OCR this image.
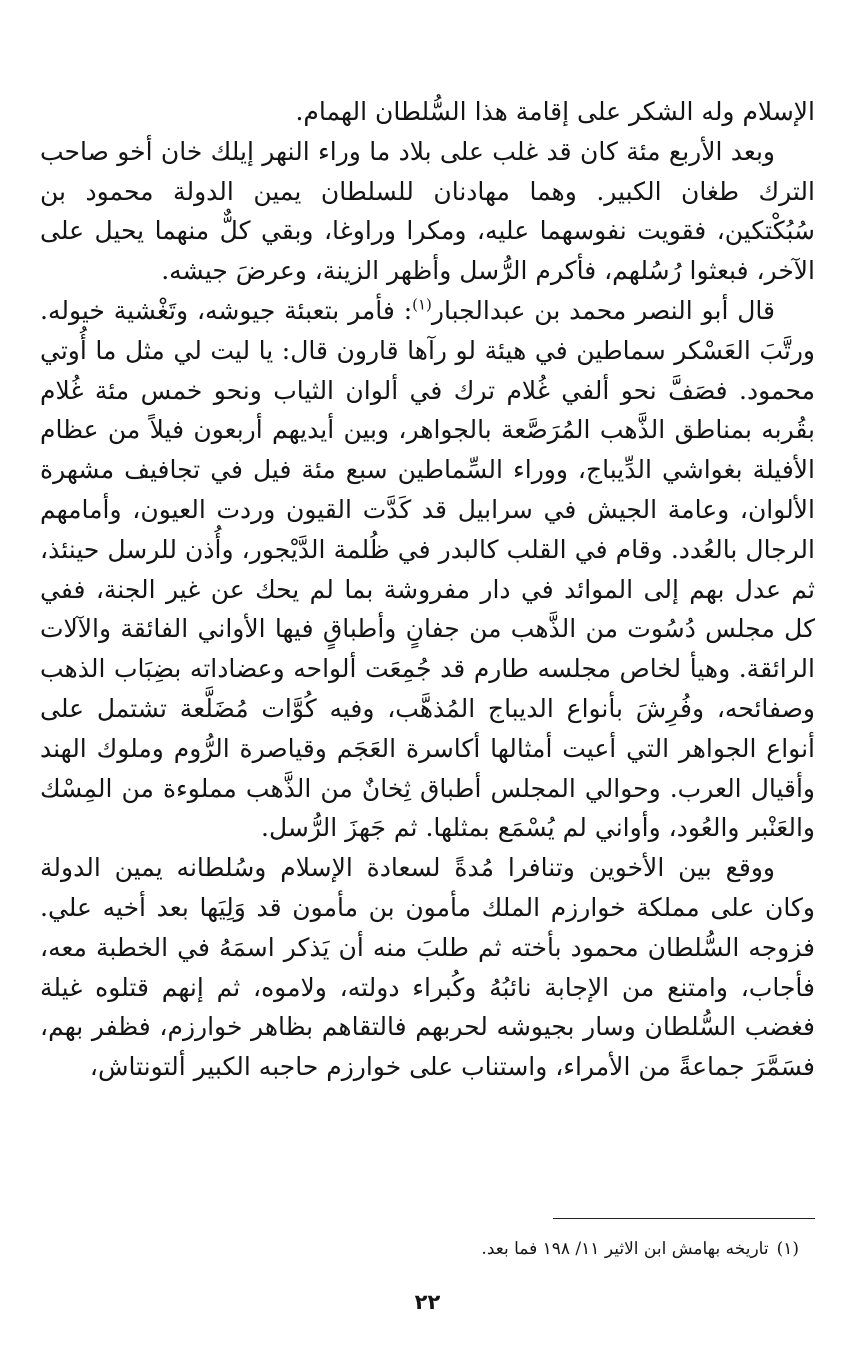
الإسلام وله الشكر على إقامة هذا السُّلطان الهمام.

وبعد الأربع مئة كان قد غلب على بلاد ما وراء النهر إيلك خان أخو صاحب الترك طغان الكبير. وهما مهادنان للسلطان يمين الدولة محمود بن سُبُكْتكين، فقويت نفوسهما عليه، ومكرا وراوغا، وبقي كلٌّ منهما يحيل على الآخر، فبعثوا رُسُلهم، فأكرم الرُّسل وأظهر الزينة، وعرضَ جيشه.

قال أبو النصر محمد بن عبدالجبار$^{(١)}$: فأمر بتعبئة جيوشه، وتَغْشية خيوله. ورتَّبَ العَسْكر سماطين في هيئة لو رآها قارون قال: يا ليت لي مثل ما أُوتي محمود. فصَفَّ نحو ألفي غُلام ترك في ألوان الثياب ونحو خمس مئة غُلام بقُربه بمناطق الذَّهب المُرَصَّعة بالجواهر، وبين أيديهم أربعون فيلاً من عظام الأفيلة بغواشي الدِّيباج، ووراء السِّماطين سبع مئة فيل في تجافيف مشهرة الألوان، وعامة الجيش في سرابيل قد كَدَّت القيون وردت العيون، وأمامهم الرجال بالعُدد. وقام في القلب كالبدر في ظُلمة الدَّيْجور، وأُذن للرسل حينئذ، ثم عدل بهم إلى الموائد في دار مفروشة بما لم يحك عن غير الجنة، ففي كل مجلس دُسُوت من الذَّهب من جفانٍ وأطباقٍ فيها الأواني الفائقة والآلات الرائقة. وهيأ لخاص مجلسه طارم قد جُمِعَت ألواحه وعضاداته بضِبَاب الذهب وصفائحه، وفُرِشَ بأنواع الديباج المُذهَّب، وفيه كُوَّات مُضَلَّعة تشتمل على أنواع الجواهر التي أعيت أمثالها أكاسرة العَجَم وقياصرة الرُّوم وملوك الهند وأقيال العرب. وحوالي المجلس أطباق ثِخانٌ من الذَّهب مملوءة من المِسْك والعَنْبر والعُود، وأواني لم يُسْمَع بمثلها. ثم جَهزَ الرُّسل.

ووقع بين الأخوين وتنافرا مُدةً لسعادة الإسلام وسُلطانه يمين الدولة وكان على مملكة خوارزم الملك مأمون بن مأمون قد وَلِيَها بعد أخيه علي. فزوجه السُّلطان محمود بأخته ثم طلبَ منه أن يَذكر اسمَهُ في الخطبة معه، فأجاب، وامتنع من الإجابة نائبُهُ وكُبراء دولته، ولاموه، ثم إنهم قتلوه غيلة فغضب السُّلطان وسار بجيوشه لحربهم فالتقاهم بظاهر خوارزم، فظفر بهم، فسَمَّرَ جماعةً من الأمراء، واستناب على خوارزم حاجبه الكبير ألتونتاش،

(١)تاريخه بهامش ابن الاثير ١١/ ١٩٨ فما بعد.
٢٢
